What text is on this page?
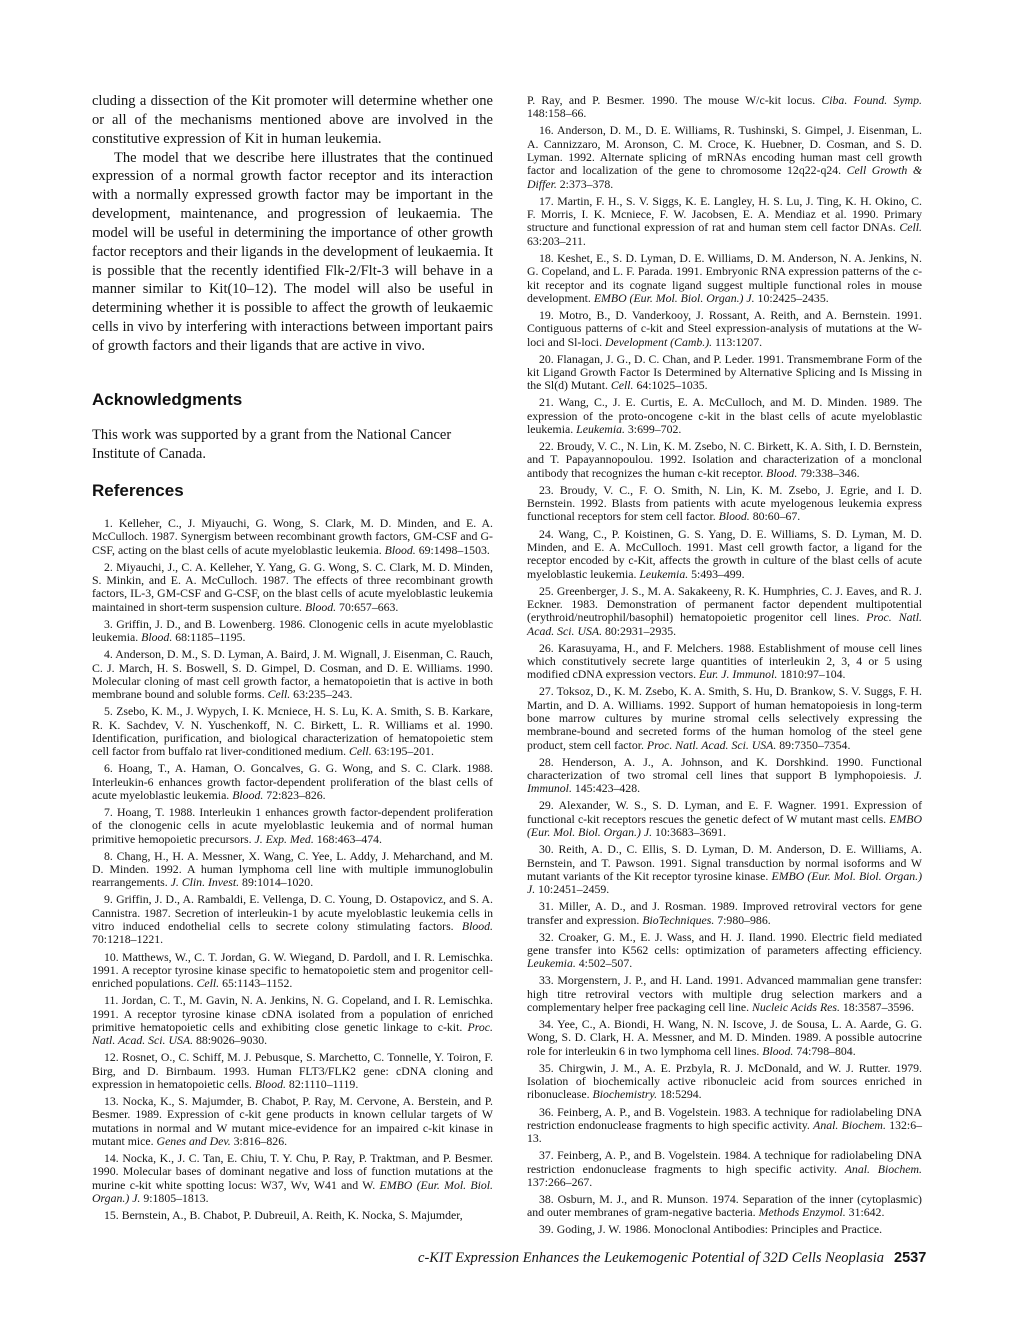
cluding a dissection of the Kit promoter will determine whether one or all of the mechanisms mentioned above are involved in the constitutive expression of Kit in human leukemia.

The model that we describe here illustrates that the continued expression of a normal growth factor receptor and its interaction with a normally expressed growth factor may be important in the development, maintenance, and progression of leukaemia. The model will be useful in determining the importance of other growth factor receptors and their ligands in the development of leukaemia. It is possible that the recently identified Flk-2/Flt-3 will behave in a manner similar to Kit(10–12). The model will also be useful in determining whether it is possible to affect the growth of leukaemic cells in vivo by interfering with interactions between important pairs of growth factors and their ligands that are active in vivo.

Acknowledgments

This work was supported by a grant from the National Cancer Institute of Canada.

References

1. Kelleher, C., J. Miyauchi, G. Wong, S. Clark, M. D. Minden, and E. A. McCulloch. 1987. Synergism between recombinant growth factors, GM-CSF and G-CSF, acting on the blast cells of acute myeloblastic leukemia. Blood. 69:1498–1503.

2. Miyauchi, J., C. A. Kelleher, Y. Yang, G. G. Wong, S. C. Clark, M. D. Minden, S. Minkin, and E. A. McCulloch. 1987. The effects of three recombinant growth factors, IL-3, GM-CSF and G-CSF, on the blast cells of acute myeloblastic leukemia maintained in short-term suspension culture. Blood. 70:657–663.

3. Griffin, J. D., and B. Lowenberg. 1986. Clonogenic cells in acute myeloblastic leukemia. Blood. 68:1185–1195.

4. Anderson, D. M., S. D. Lyman, A. Baird, J. M. Wignall, J. Eisenman, C. Rauch, C. J. March, H. S. Boswell, S. D. Gimpel, D. Cosman, and D. E. Williams. 1990. Molecular cloning of mast cell growth factor, a hematopoietin that is active in both membrane bound and soluble forms. Cell. 63:235–243.

5. Zsebo, K. M., J. Wypych, I. K. Mcniece, H. S. Lu, K. A. Smith, S. B. Karkare, R. K. Sachdev, V. N. Yuschenkoff, N. C. Birkett, L. R. Williams et al. 1990. Identification, purification, and biological characterization of hematopoietic stem cell factor from buffalo rat liver-conditioned medium. Cell. 63:195–201.

6. Hoang, T., A. Haman, O. Goncalves, G. G. Wong, and S. C. Clark. 1988. Interleukin-6 enhances growth factor-dependent proliferation of the blast cells of acute myeloblastic leukemia. Blood. 72:823–826.

7. Hoang, T. 1988. Interleukin 1 enhances growth factor-dependent proliferation of the clonogenic cells in acute myeloblastic leukemia and of normal human primitive hemopoietic precursors. J. Exp. Med. 168:463–474.

8. Chang, H., H. A. Messner, X. Wang, C. Yee, L. Addy, J. Meharchand, and M. D. Minden. 1992. A human lymphoma cell line with multiple immunoglobulin rearrangements. J. Clin. Invest. 89:1014–1020.

9. Griffin, J. D., A. Rambaldi, E. Vellenga, D. C. Young, D. Ostapovicz, and S. A. Cannistra. 1987. Secretion of interleukin-1 by acute myeloblastic leukemia cells in vitro induced endothelial cells to secrete colony stimulating factors. Blood. 70:1218–1221.

10. Matthews, W., C. T. Jordan, G. W. Wiegand, D. Pardoll, and I. R. Lemischka. 1991. A receptor tyrosine kinase specific to hematopoietic stem and progenitor cell-enriched populations. Cell. 65:1143–1152.

11. Jordan, C. T., M. Gavin, N. A. Jenkins, N. G. Copeland, and I. R. Lemischka. 1991. A receptor tyrosine kinase cDNA isolated from a population of enriched primitive hematopoietic cells and exhibiting close genetic linkage to c-kit. Proc. Natl. Acad. Sci. USA. 88:9026–9030.

12. Rosnet, O., C. Schiff, M. J. Pebusque, S. Marchetto, C. Tonnelle, Y. Toiron, F. Birg, and D. Birnbaum. 1993. Human FLT3/FLK2 gene: cDNA cloning and expression in hematopoietic cells. Blood. 82:1110–1119.

13. Nocka, K., S. Majumder, B. Chabot, P. Ray, M. Cervone, A. Berstein, and P. Besmer. 1989. Expression of c-kit gene products in known cellular targets of W mutations in normal and W mutant mice-evidence for an impaired c-kit kinase in mutant mice. Genes and Dev. 3:816–826.

14. Nocka, K., J. C. Tan, E. Chiu, T. Y. Chu, P. Ray, P. Traktman, and P. Besmer. 1990. Molecular bases of dominant negative and loss of function mutations at the murine c-kit white spotting locus: W37, Wv, W41 and W. EMBO (Eur. Mol. Biol. Organ.) J. 9:1805–1813.

15. Bernstein, A., B. Chabot, P. Dubreuil, A. Reith, K. Nocka, S. Majumder,

P. Ray, and P. Besmer. 1990. The mouse W/c-kit locus. Ciba. Found. Symp. 148:158–66.

16. Anderson, D. M., D. E. Williams, R. Tushinski, S. Gimpel, J. Eisenman, L. A. Cannizzaro, M. Aronson, C. M. Croce, K. Huebner, D. Cosman, and S. D. Lyman. 1992. Alternate splicing of mRNAs encoding human mast cell growth factor and localization of the gene to chromosome 12q22-q24. Cell Growth & Differ. 2:373–378.

17. Martin, F. H., S. V. Siggs, K. E. Langley, H. S. Lu, J. Ting, K. H. Okino, C. F. Morris, I. K. Mcniece, F. W. Jacobsen, E. A. Mendiaz et al. 1990. Primary structure and functional expression of rat and human stem cell factor DNAs. Cell. 63:203–211.

18. Keshet, E., S. D. Lyman, D. E. Williams, D. M. Anderson, N. A. Jenkins, N. G. Copeland, and L. F. Parada. 1991. Embryonic RNA expression patterns of the c-kit receptor and its cognate ligand suggest multiple functional roles in mouse development. EMBO (Eur. Mol. Biol. Organ.) J. 10:2425–2435.

19. Motro, B., D. Vanderkooy, J. Rossant, A. Reith, and A. Bernstein. 1991. Contiguous patterns of c-kit and Steel expression-analysis of mutations at the W-loci and Sl-loci. Development (Camb.). 113:1207.

20. Flanagan, J. G., D. C. Chan, and P. Leder. 1991. Transmembrane Form of the kit Ligand Growth Factor Is Determined by Alternative Splicing and Is Missing in the Sl(d) Mutant. Cell. 64:1025–1035.

21. Wang, C., J. E. Curtis, E. A. McCulloch, and M. D. Minden. 1989. The expression of the proto-oncogene c-kit in the blast cells of acute myeloblastic leukemia. Leukemia. 3:699–702.

22. Broudy, V. C., N. Lin, K. M. Zsebo, N. C. Birkett, K. A. Sith, I. D. Bernstein, and T. Papayannopoulou. 1992. Isolation and characterization of a monclonal antibody that recognizes the human c-kit receptor. Blood. 79:338–346.

23. Broudy, V. C., F. O. Smith, N. Lin, K. M. Zsebo, J. Egrie, and I. D. Bernstein. 1992. Blasts from patients with acute myelogenous leukemia express functional receptors for stem cell factor. Blood. 80:60–67.

24. Wang, C., P. Koistinen, G. S. Yang, D. E. Williams, S. D. Lyman, M. D. Minden, and E. A. McCulloch. 1991. Mast cell growth factor, a ligand for the receptor encoded by c-Kit, affects the growth in culture of the blast cells of acute myeloblastic leukemia. Leukemia. 5:493–499.

25. Greenberger, J. S., M. A. Sakakeeny, R. K. Humphries, C. J. Eaves, and R. J. Eckner. 1983. Demonstration of permanent factor dependent multipotential (erythroid/neutrophil/basophil) hematopoietic progenitor cell lines. Proc. Natl. Acad. Sci. USA. 80:2931–2935.

26. Karasuyama, H., and F. Melchers. 1988. Establishment of mouse cell lines which constitutively secrete large quantities of interleukin 2, 3, 4 or 5 using modified cDNA expression vectors. Eur. J. Immunol. 1810:97–104.

27. Toksoz, D., K. M. Zsebo, K. A. Smith, S. Hu, D. Brankow, S. V. Suggs, F. H. Martin, and D. A. Williams. 1992. Support of human hematopoiesis in long-term bone marrow cultures by murine stromal cells selectively expressing the membrane-bound and secreted forms of the human homolog of the steel gene product, stem cell factor. Proc. Natl. Acad. Sci. USA. 89:7350–7354.

28. Henderson, A. J., A. Johnson, and K. Dorshkind. 1990. Functional characterization of two stromal cell lines that support B lymphopoiesis. J. Immunol. 145:423–428.

29. Alexander, W. S., S. D. Lyman, and E. F. Wagner. 1991. Expression of functional c-kit receptors rescues the genetic defect of W mutant mast cells. EMBO (Eur. Mol. Biol. Organ.) J. 10:3683–3691.

30. Reith, A. D., C. Ellis, S. D. Lyman, D. M. Anderson, D. E. Williams, A. Bernstein, and T. Pawson. 1991. Signal transduction by normal isoforms and W mutant variants of the Kit receptor tyrosine kinase. EMBO (Eur. Mol. Biol. Organ.) J. 10:2451–2459.

31. Miller, A. D., and J. Rosman. 1989. Improved retroviral vectors for gene transfer and expression. BioTechniques. 7:980–986.

32. Croaker, G. M., E. J. Wass, and H. J. Iland. 1990. Electric field mediated gene transfer into K562 cells: optimization of parameters affecting efficiency. Leukemia. 4:502–507.

33. Morgenstern, J. P., and H. Land. 1991. Advanced mammalian gene transfer: high titre retroviral vectors with multiple drug selection markers and a complementary helper free packaging cell line. Nucleic Acids Res. 18:3587–3596.

34. Yee, C., A. Biondi, H. Wang, N. N. Iscove, J. de Sousa, L. A. Aarde, G. G. Wong, S. D. Clark, H. A. Messner, and M. D. Minden. 1989. A possible autocrine role for interleukin 6 in two lymphoma cell lines. Blood. 74:798–804.

35. Chirgwin, J. M., A. E. Przbyla, R. J. McDonald, and W. J. Rutter. 1979. Isolation of biochemically active ribonucleic acid from sources enriched in ribonuclease. Biochemistry. 18:5294.

36. Feinberg, A. P., and B. Vogelstein. 1983. A technique for radiolabeling DNA restriction endonuclease fragments to high specific activity. Anal. Biochem. 132:6–13.

37. Feinberg, A. P., and B. Vogelstein. 1984. A technique for radiolabeling DNA restriction endonuclease fragments to high specific activity. Anal. Biochem. 137:266–267.

38. Osburn, M. J., and R. Munson. 1974. Separation of the inner (cytoplasmic) and outer membranes of gram-negative bacteria. Methods Enzymol. 31:642.

39. Goding, J. W. 1986. Monoclonal Antibodies: Principles and Practice.

c-KIT Expression Enhances the Leukemogenic Potential of 32D Cells Neoplasia 2537
